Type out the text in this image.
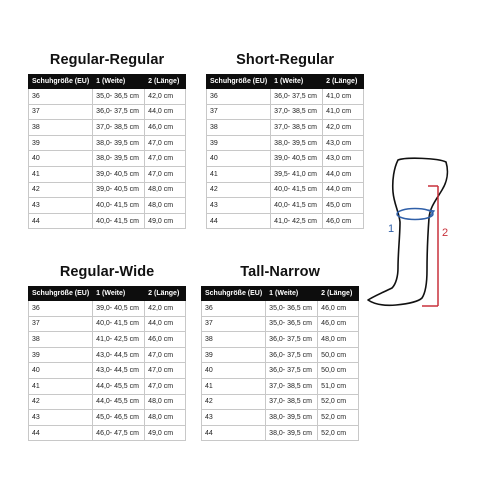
Regular-Regular
Schuhgröße (EU)	1 (Weite)	2 (Länge)
36	35,0- 36,5 cm	42,0 cm
37	36,0- 37,5 cm	44,0 cm
38	37,0- 38,5 cm	46,0 cm
39	38,0- 39,5 cm	47,0 cm
40	38,0- 39,5 cm	47,0 cm
41	39,0- 40,5 cm	47,0 cm
42	39,0- 40,5 cm	48,0 cm
43	40,0- 41,5 cm	48,0 cm
44	40,0- 41,5 cm	49,0 cm
Short-Regular
Schuhgröße (EU)	1 (Weite)	2 (Länge)
36	36,0- 37,5 cm	41,0 cm
37	37,0- 38,5 cm	41,0 cm
38	37,0- 38,5 cm	42,0 cm
39	38,0- 39,5 cm	43,0 cm
40	39,0- 40,5 cm	43,0 cm
41	39,5- 41,0 cm	44,0 cm
42	40,0- 41,5 cm	44,0 cm
43	40,0- 41,5 cm	45,0 cm
44	41,0- 42,5 cm	46,0 cm
Regular-Wide
Schuhgröße (EU)	1 (Weite)	2 (Länge)
36	39,0- 40,5 cm	42,0 cm
37	40,0- 41,5 cm	44,0 cm
38	41,0- 42,5 cm	46,0 cm
39	43,0- 44,5 cm	47,0 cm
40	43,0- 44,5 cm	47,0 cm
41	44,0- 45,5 cm	47,0 cm
42	44,0- 45,5 cm	48,0 cm
43	45,0- 46,5 cm	48,0 cm
44	46,0- 47,5 cm	49,0 cm
Tall-Narrow
Schuhgröße (EU)	1 (Weite)	2 (Länge)
36	35,0- 36,5 cm	46,0 cm
37	35,0- 36,5 cm	46,0 cm
38	36,0- 37,5 cm	48,0 cm
39	36,0- 37,5 cm	50,0 cm
40	36,0- 37,5 cm	50,0 cm
41	37,0- 38,5 cm	51,0 cm
42	37,0- 38,5 cm	52,0 cm
43	38,0- 39,5 cm	52,0 cm
44	38,0- 39,5 cm	52,0 cm
1	2
